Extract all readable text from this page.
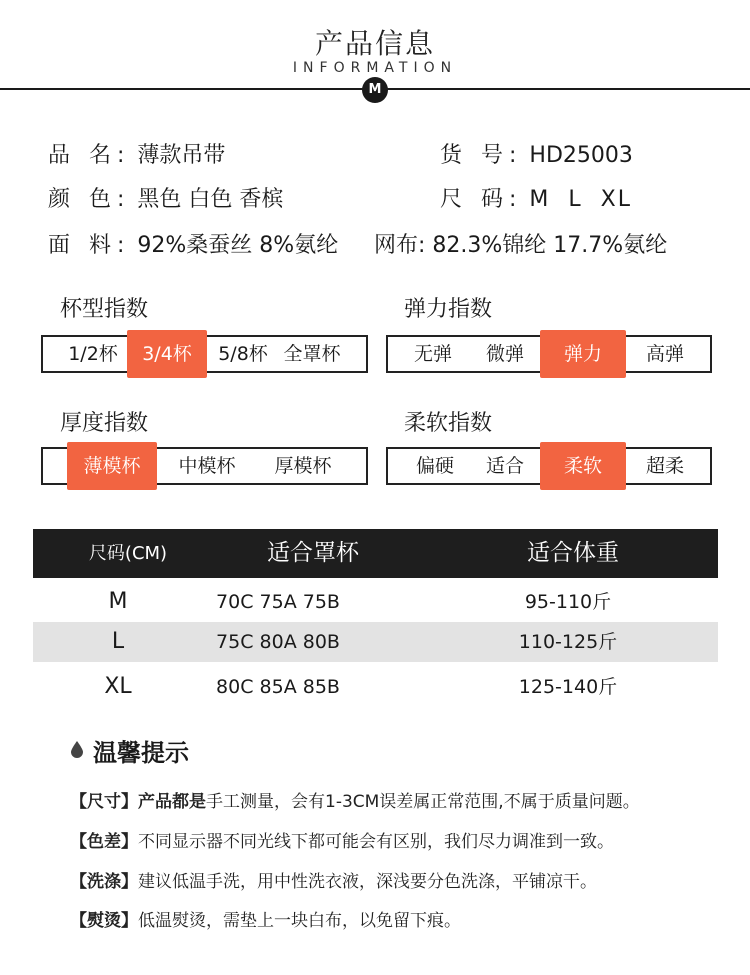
产品信息
INFORMATION
M
品 名: 薄款吊带	货 号: HD25003
颜 色: 黑色 白色 香槟	尺 码: M  L  XL
面 料: 92%桑蚕丝 8%氨纶 网布: 82.3%锦纶 17.7%氨纶
杯型指数
1/2杯	3/4杯	5/8杯 全罩杯
弹力指数
无弹	微弹	弹力	高弹
厚度指数
薄模杯	中模杯	厚模杯
柔软指数
偏硬	适合	柔软	超柔
尺码(CM)	适合罩杯	适合体重
M	70C 75A 75B	95-110斤
L	75C 80A 80B	110-125斤
XL	80C 85A 85B	125-140斤
温馨提示
【尺寸】产品都是手工测量，会有1-3CM误差属正常范围,不属于质量问题。
【色差】不同显示器不同光线下都可能会有区别，我们尽力调准到一致。
【洗涤】建议低温手洗，用中性洗衣液，深浅要分色洗涤，平铺凉干。
【熨烫】低温熨烫，需垫上一块白布，以免留下痕。
